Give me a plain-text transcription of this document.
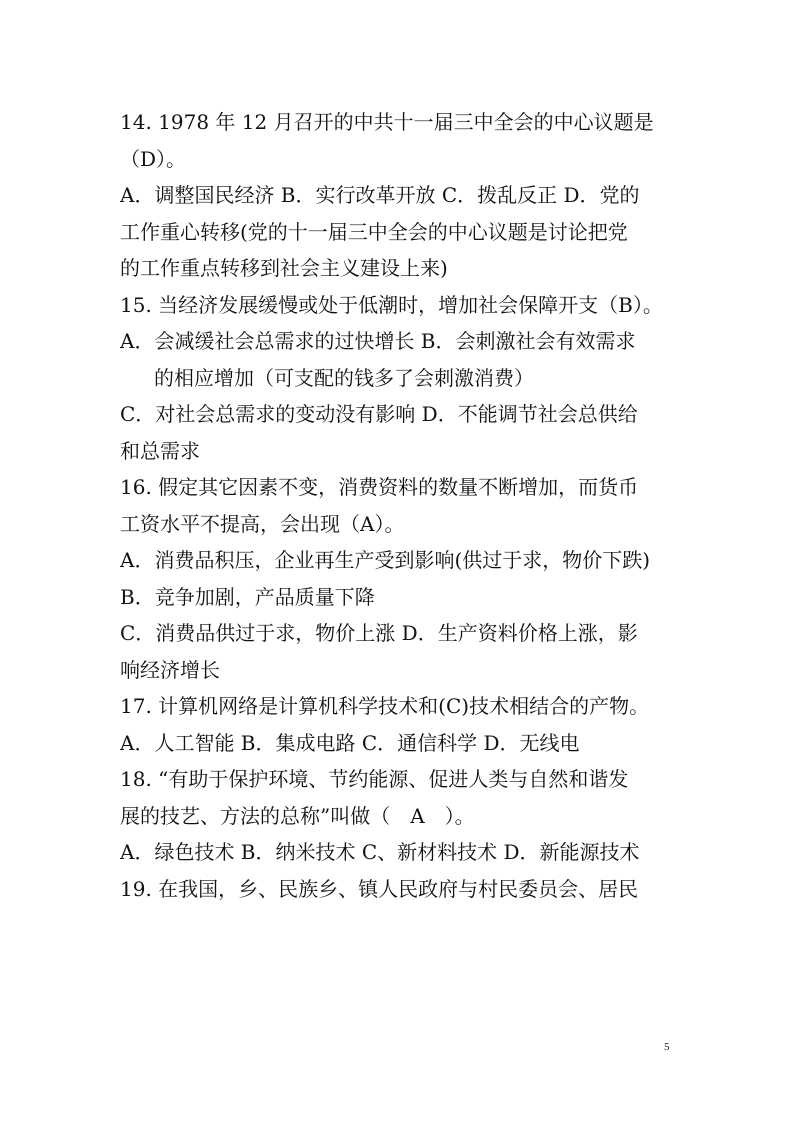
14. 1978 年 12 月召开的中共十一届三中全会的中心议题是
（D）。
A．调整国民经济 B．实行改革开放 C．拨乱反正 D．党的
工作重心转移(党的十一届三中全会的中心议题是讨论把党
的工作重点转移到社会主义建设上来)
15. 当经济发展缓慢或处于低潮时，增加社会保障开支（B）。
A．会减缓社会总需求的过快增长 B．会刺激社会有效需求
的相应增加（可支配的钱多了会刺激消费）
C．对社会总需求的变动没有影响 D．不能调节社会总供给
和总需求
16. 假定其它因素不变，消费资料的数量不断增加，而货币
工资水平不提高，会出现（A）。
A．消费品积压，企业再生产受到影响(供过于求，物价下跌)
B．竞争加剧，产品质量下降
C．消费品供过于求，物价上涨 D．生产资料价格上涨，影
响经济增长
17. 计算机网络是计算机科学技术和(C)技术相结合的产物。
A．人工智能 B．集成电路 C．通信科学 D．无线电
18. “有助于保护环境、节约能源、促进人类与自然和谐发
展的技艺、方法的总称”叫做（　A　）。
A．绿色技术 B．纳米技术 C、新材料技术 D．新能源技术
19. 在我国，乡、民族乡、镇人民政府与村民委员会、居民
5
